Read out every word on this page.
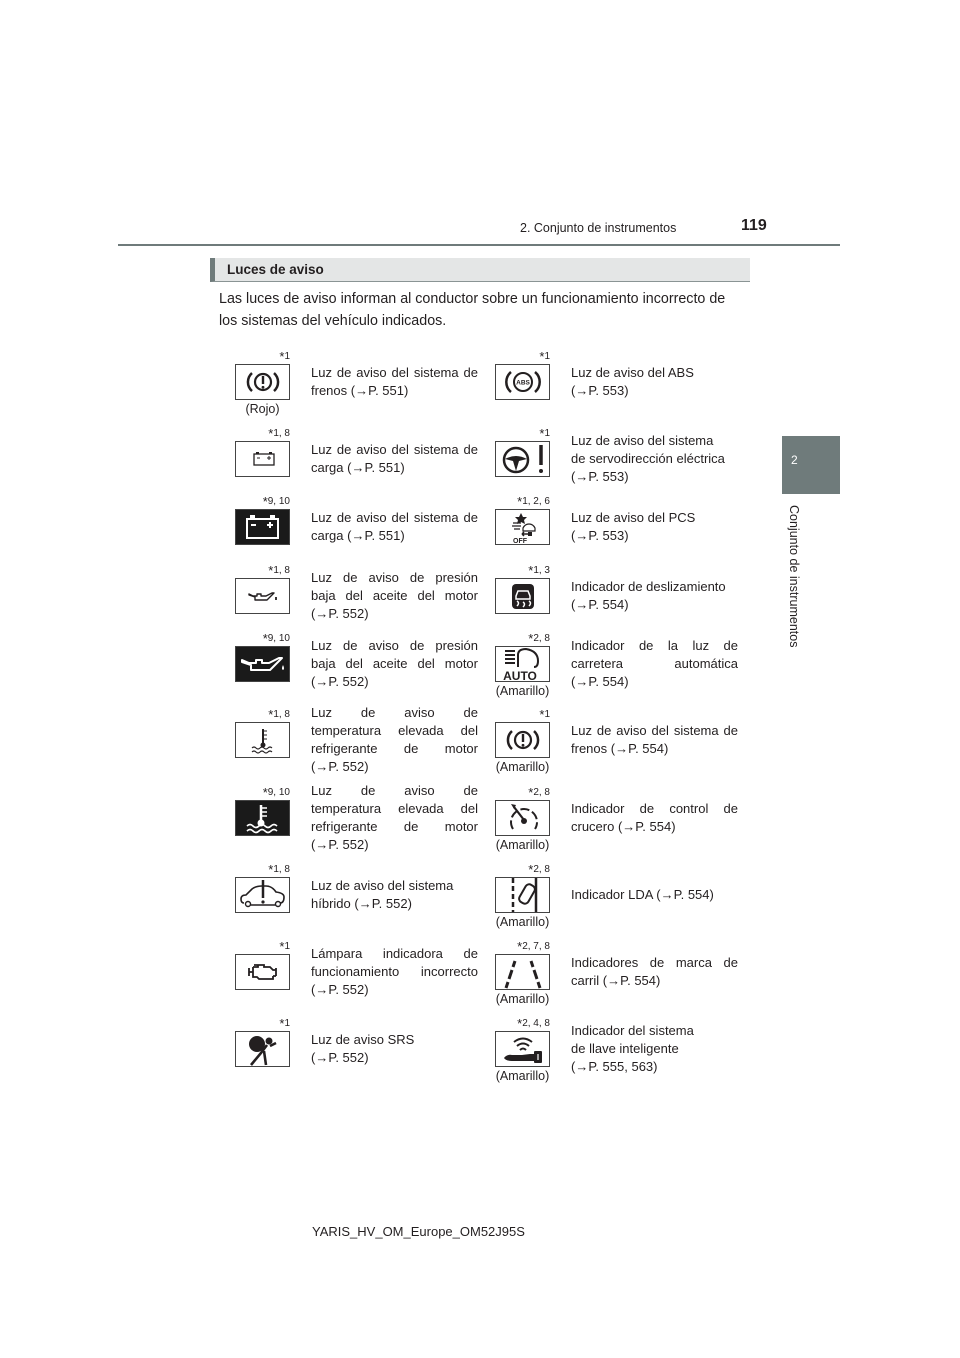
2. Conjunto de instrumentos	119
2
Conjunto de instrumentos
Luces de aviso
Las luces de aviso informan al conductor sobre un funcionamiento incorrecto de los sistemas del vehículo indicados.
*1
(Rojo)
Luz de aviso del sistema de
frenos (→P. 551)
*1
ABS
Luz de aviso del ABS
(→P. 553)
*1, 8
Luz de aviso del sistema de
carga (→P. 551)
*1 Luz de aviso del sistema
de servodirección eléctrica
(→P. 553)
*9, 10
Luz de aviso del sistema de
carga (→P. 551)
*1, 2, 6
OFF
Luz de aviso del PCS
(→P. 553)
*1, 8 Luz de aviso de presión
baja del aceite del motor
(→P. 552)
*1, 3
Indicador de deslizamiento
(→P. 554)
*9, 10 Luz de aviso de presión
baja del aceite del motor
(→P. 552)
*2, 8
AUTO
(Amarillo)
Indicador de la luz de
carretera automática
(→P. 554)
*1, 8 Luz de aviso de
temperatura elevada del
refrigerante de motor
(→P. 552)
*1
(Amarillo)
Luz de aviso del sistema de
frenos (→P. 554)
*9, 10 Luz de aviso de
temperatura elevada del
refrigerante de motor
(→P. 552)
*2, 8
(Amarillo)
Indicador de control de
crucero (→P. 554)
*1, 8
Luz de aviso del sistema
híbrido (→P. 552)
*2, 8
(Amarillo)
Indicador LDA (→P. 554)
*1 Lámpara indicadora de
funcionamiento incorrecto
(→P. 552)
*2, 7, 8
(Amarillo)
Indicadores de marca de
carril (→P. 554)
*1
Luz de aviso SRS
(→P. 552)
*2, 4, 8
(Amarillo)
Indicador del sistema
de llave inteligente
(→P. 555, 563)
YARIS_HV_OM_Europe_OM52J95S
